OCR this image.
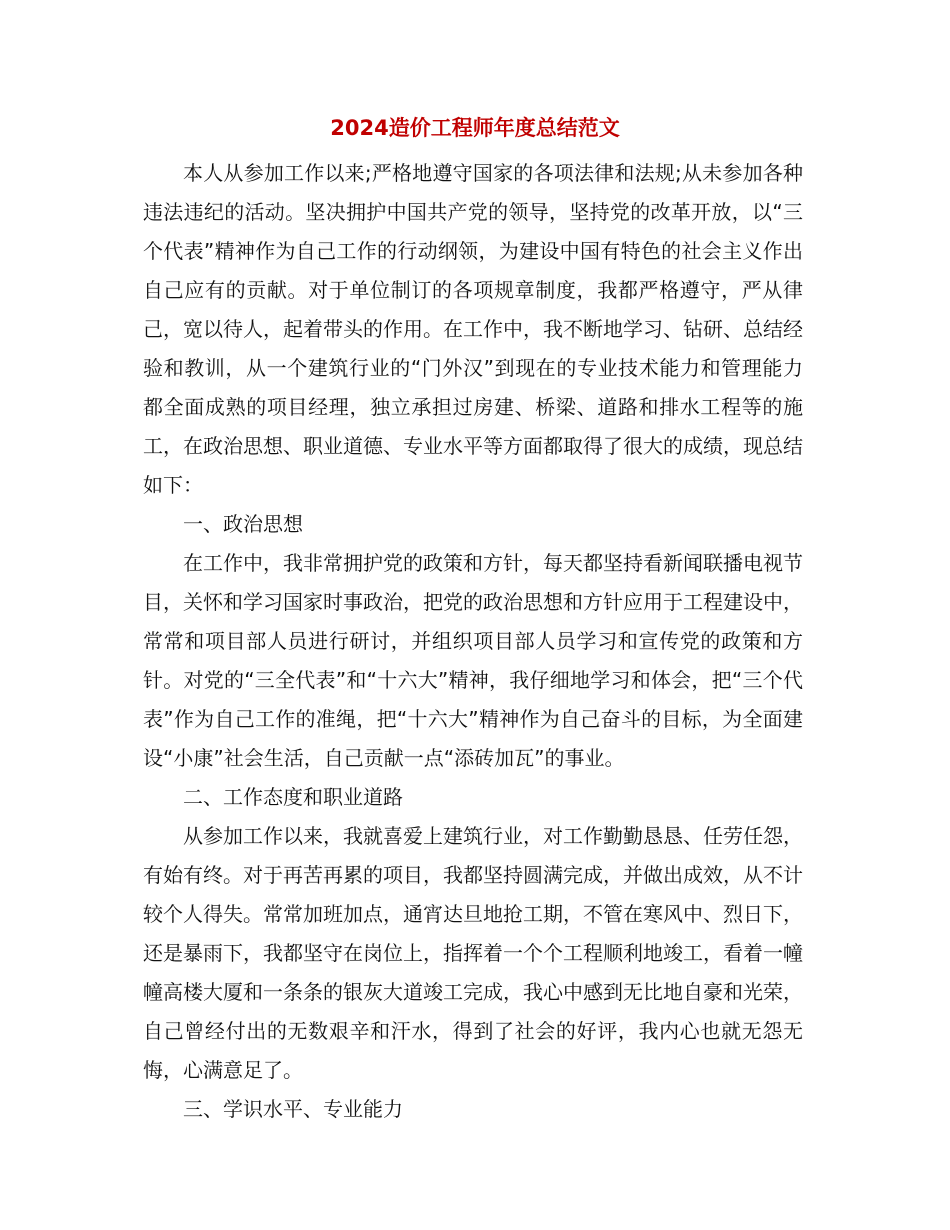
2024造价工程师年度总结范文

本人从参加工作以来;严格地遵守国家的各项法律和法规;从未参加各种违法违纪的活动。坚决拥护中国共产党的领导，坚持党的改革开放，以“三个代表”精神作为自己工作的行动纲领，为建设中国有特色的社会主义作出自己应有的贡献。对于单位制订的各项规章制度，我都严格遵守，严从律己，宽以待人，起着带头的作用。在工作中，我不断地学习、钻研、总结经验和教训，从一个建筑行业的“门外汉”到现在的专业技术能力和管理能力都全面成熟的项目经理，独立承担过房建、桥梁、道路和排水工程等的施工，在政治思想、职业道德、专业水平等方面都取得了很大的成绩，现总结如下：

一、政治思想

在工作中，我非常拥护党的政策和方针，每天都坚持看新闻联播电视节目，关怀和学习国家时事政治，把党的政治思想和方针应用于工程建设中，常常和项目部人员进行研讨，并组织项目部人员学习和宣传党的政策和方针。对党的“三全代表”和“十六大”精神，我仔细地学习和体会，把“三个代表”作为自己工作的准绳，把“十六大”精神作为自己奋斗的目标，为全面建设“小康”社会生活，自己贡献一点“添砖加瓦”的事业。

二、工作态度和职业道路

从参加工作以来，我就喜爱上建筑行业，对工作勤勤恳恳、任劳任怨，有始有终。对于再苦再累的项目，我都坚持圆满完成，并做出成效，从不计较个人得失。常常加班加点，通宵达旦地抢工期，不管在寒风中、烈日下，还是暴雨下，我都坚守在岗位上，指挥着一个个工程顺利地竣工，看着一幢幢高楼大厦和一条条的银灰大道竣工完成，我心中感到无比地自豪和光荣，自己曾经付出的无数艰辛和汗水，得到了社会的好评，我内心也就无怨无悔，心满意足了。

三、学识水平、专业能力
